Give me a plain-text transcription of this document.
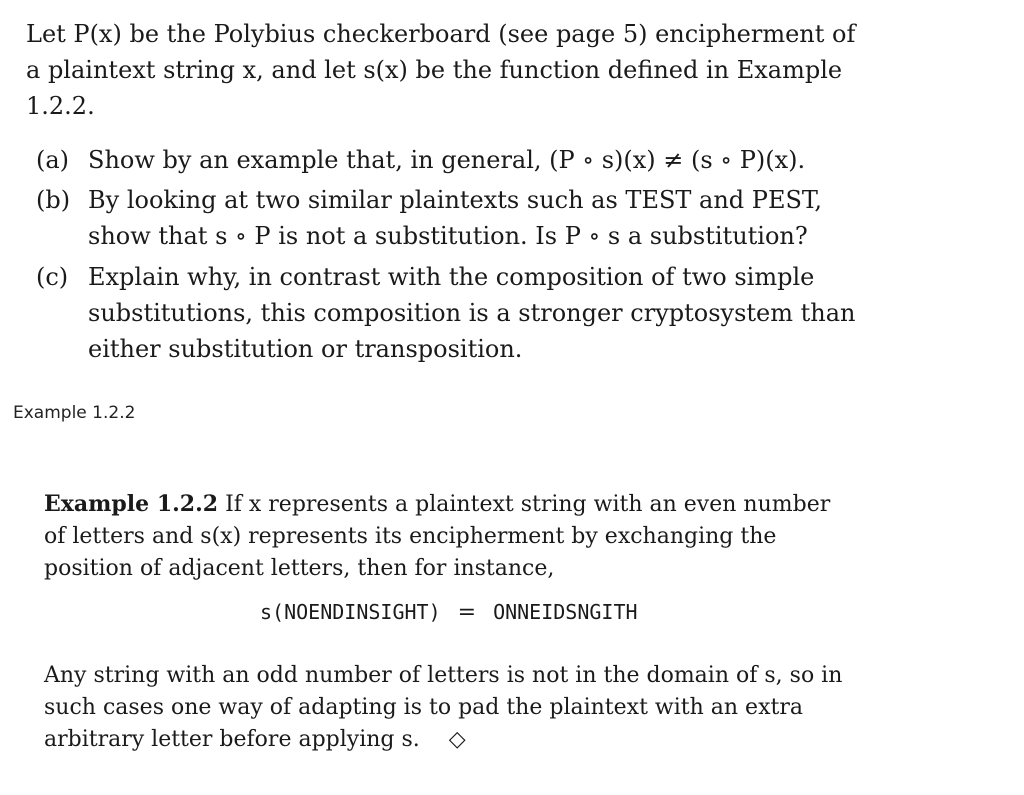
Let P(x) be the Polybius checkerboard (see page 5) encipherment of a plaintext string x, and let s(x) be the function defined in Example 1.2.2.
(a) Show by an example that, in general, (P ∘ s)(x) ≠ (s ∘ P)(x).
(b) By looking at two similar plaintexts such as TEST and PEST, show that s ∘ P is not a substitution. Is P ∘ s a substitution?
(c) Explain why, in contrast with the composition of two simple substitutions, this composition is a stronger cryptosystem than either substitution or transposition.
Example 1.2.2
Example 1.2.2 If x represents a plaintext string with an even number of letters and s(x) represents its encipherment by exchanging the position of adjacent letters, then for instance,
s(NOENDINSIGHT) = ONNEIDSNGITH
Any string with an odd number of letters is not in the domain of s, so in such cases one way of adapting is to pad the plaintext with an extra arbitrary letter before applying s. ◇
